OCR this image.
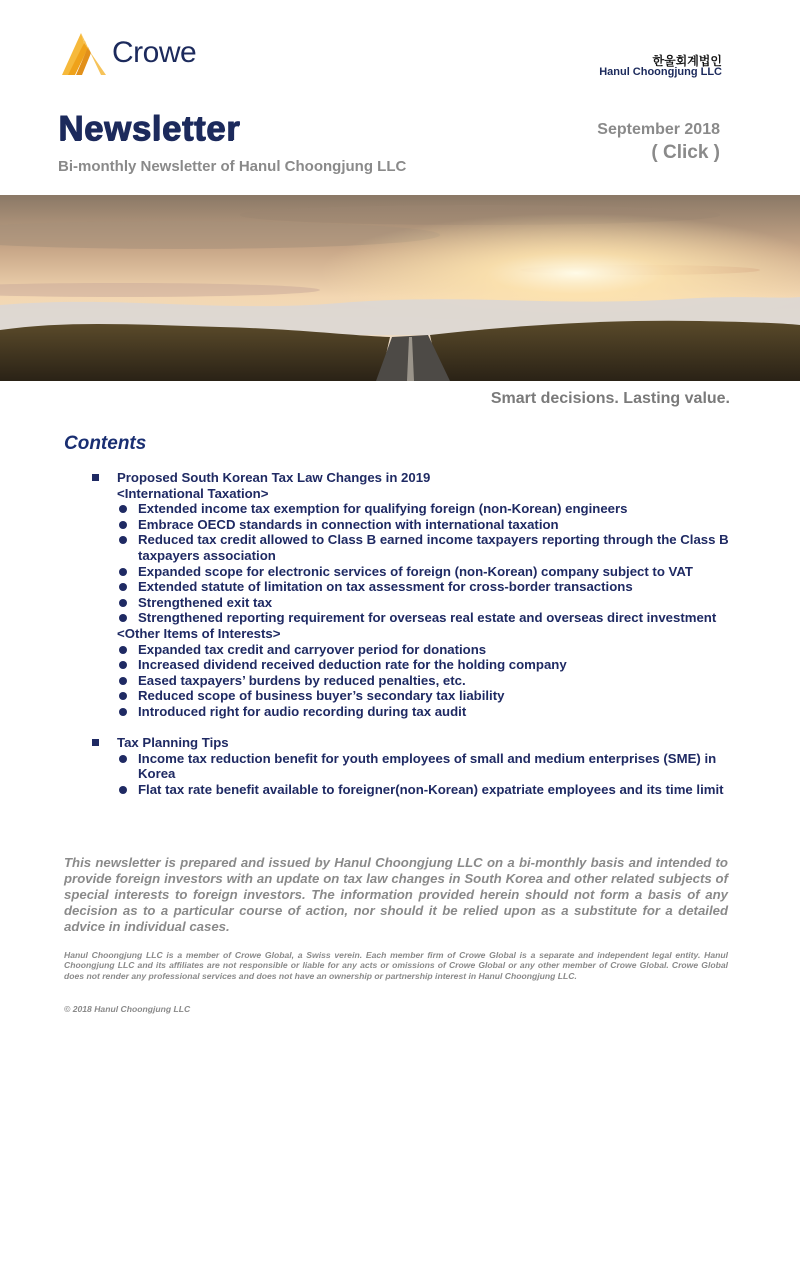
Crowe	한울회계법인
Hanul Choongjung LLC
Newsletter
Bi-monthly Newsletter of Hanul Choongjung LLC
September 2018
( Click )
Smart decisions. Lasting value.
Contents
Proposed South Korean Tax Law Changes in 2019
<International Taxation>
Extended income tax exemption for qualifying foreign (non-Korean) engineers
Embrace OECD standards in connection with international taxation
Reduced tax credit allowed to Class B earned income taxpayers reporting through the Class B taxpayers association
Expanded scope for electronic services of foreign (non-Korean) company subject to VAT
Extended statute of limitation on tax assessment for cross-border transactions
Strengthened exit tax
Strengthened reporting requirement for overseas real estate and overseas direct investment
<Other Items of Interests>
Expanded tax credit and carryover period for donations
Increased dividend received deduction rate for the holding company
Eased taxpayers’ burdens by reduced penalties, etc.
Reduced scope of business buyer’s secondary tax liability
Introduced right for audio recording during tax audit
Tax Planning Tips
Income tax reduction benefit for youth employees of small and medium enterprises (SME) in Korea
Flat tax rate benefit available to foreigner(non-Korean) expatriate employees and its time limit
This newsletter is prepared and issued by Hanul Choongjung LLC on a bi-monthly basis and intended to provide foreign investors with an update on tax law changes in South Korea and other related subjects of special interests to foreign investors. The information provided herein should not form a basis of any decision as to a particular course of action, nor should it be relied upon as a substitute for a detailed advice in individual cases.
Hanul Choongjung LLC is a member of Crowe Global, a Swiss verein. Each member firm of Crowe Global is a separate and independent legal entity. Hanul Choongjung LLC and its affiliates are not responsible or liable for any acts or omissions of Crowe Global or any other member of Crowe Global. Crowe Global does not render any professional services and does not have an ownership or partnership interest in Hanul Choongjung LLC.
© 2018 Hanul Choongjung LLC
